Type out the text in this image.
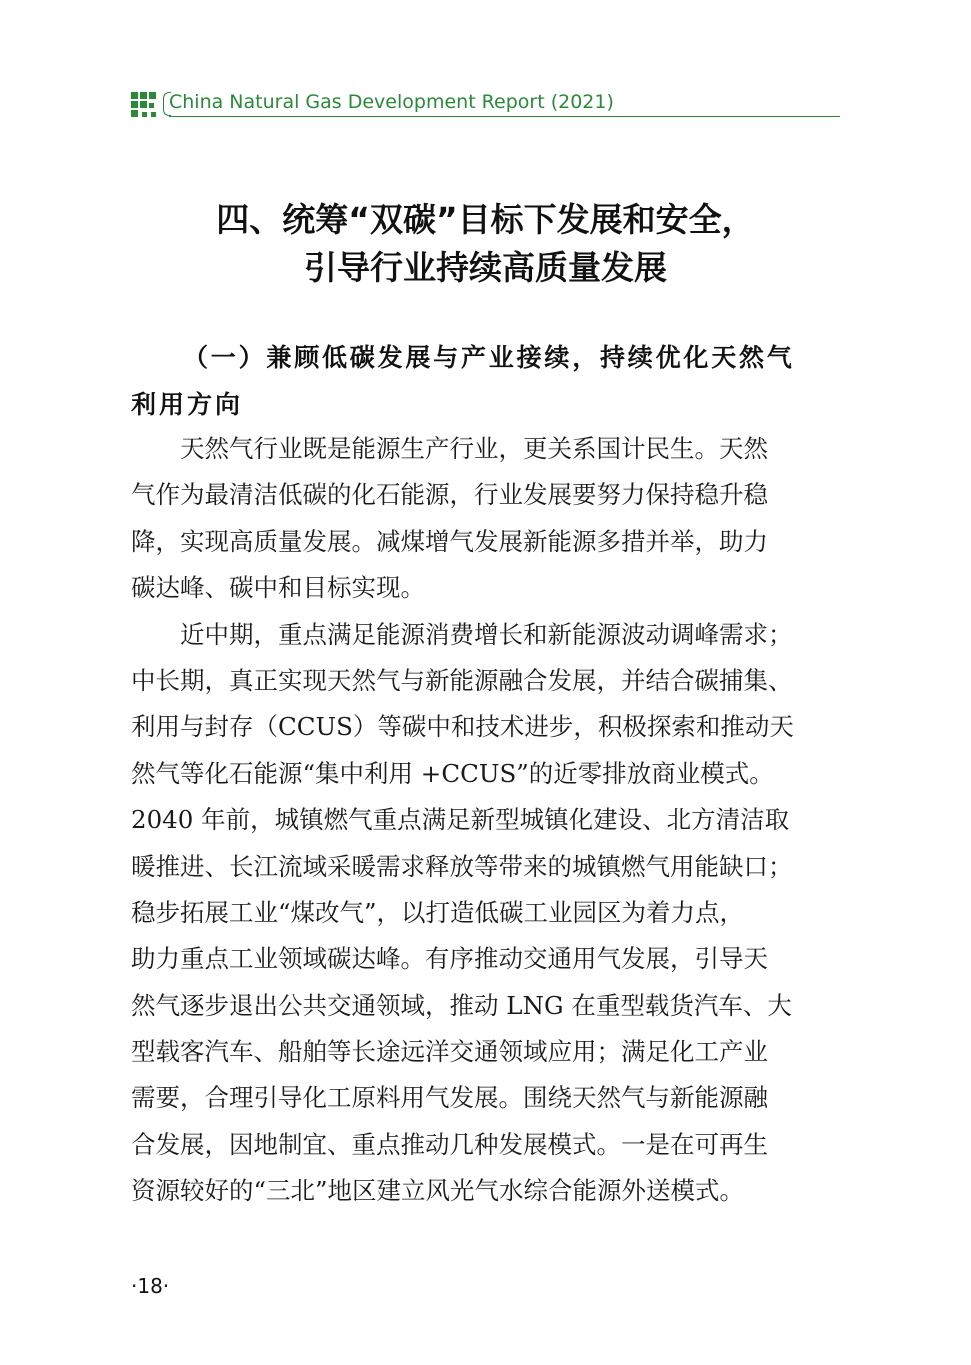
China Natural Gas Development Report (2021)
四、统筹“双碳”目标下发展和安全，
引导行业持续高质量发展
（一）兼顾低碳发展与产业接续，持续优化天然气
利用方向
　　天然气行业既是能源生产行业，更关系国计民生。天然
气作为最清洁低碳的化石能源，行业发展要努力保持稳升稳
降，实现高质量发展。减煤增气发展新能源多措并举，助力
碳达峰、碳中和目标实现。
　　近中期，重点满足能源消费增长和新能源波动调峰需求；
中长期，真正实现天然气与新能源融合发展，并结合碳捕集、
利用与封存（CCUS）等碳中和技术进步，积极探索和推动天
然气等化石能源“集中利用 +CCUS”的近零排放商业模式。
2040 年前，城镇燃气重点满足新型城镇化建设、北方清洁取
暖推进、长江流域采暖需求释放等带来的城镇燃气用能缺口；
稳步拓展工业“煤改气”，以打造低碳工业园区为着力点，
助力重点工业领域碳达峰。有序推动交通用气发展，引导天
然气逐步退出公共交通领域，推动 LNG 在重型载货汽车、大
型载客汽车、船舶等长途远洋交通领域应用；满足化工产业
需要，合理引导化工原料用气发展。围绕天然气与新能源融
合发展，因地制宜、重点推动几种发展模式。一是在可再生
资源较好的“三北”地区建立风光气水综合能源外送模式。
·18·
